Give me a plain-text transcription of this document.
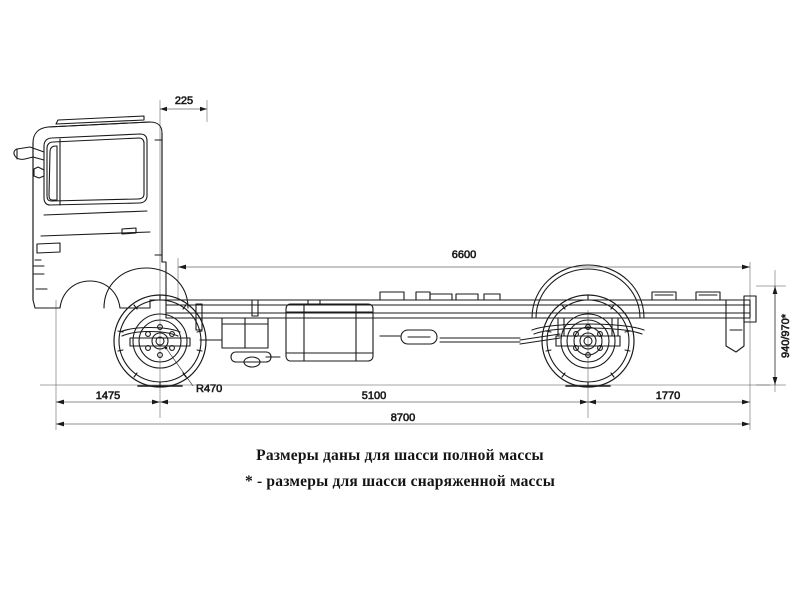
225
6600
1475	5100	1770
8700
940/970*
R470
Размеры даны для шасси полной массы
* - размеры для шасси снаряженной массы
